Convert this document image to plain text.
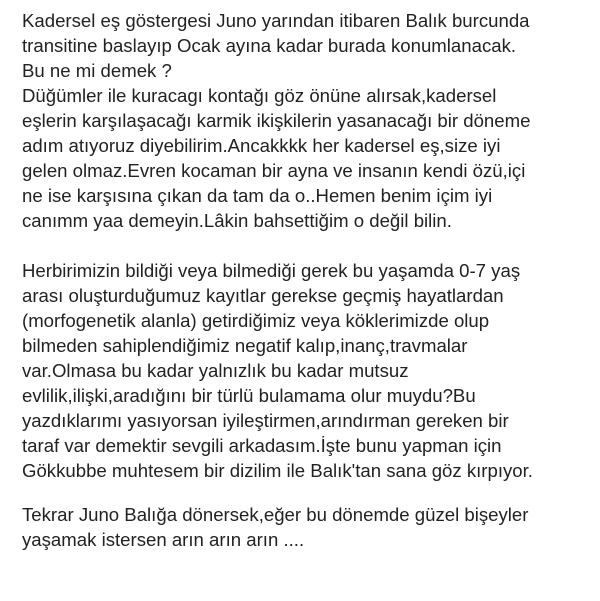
Kadersel eş göstergesi Juno yarından itibaren Balık burcunda
transitine baslayıp Ocak ayına kadar burada konumlanacak.
Bu ne mi demek ?
Düğümler ile kuracagı kontağı göz önüne alırsak,kadersel
eşlerin karşılaşacağı karmik ikişkilerin yasanacağı bir döneme
adım atıyoruz diyebilirim.Ancakkkk her kadersel eş,size iyi
gelen olmaz.Evren kocaman bir ayna ve insanın kendi özü,içi
ne ise karşısına çıkan da tam da o..Hemen benim içim iyi
canımm yaa demeyin.Lâkin bahsettiğim o değil bilin.
Herbirimizin bildiği veya bilmediği gerek bu yaşamda 0-7 yaş
arası oluşturduğumuz kayıtlar gerekse geçmiş hayatlardan
(morfogenetik alanla) getirdiğimiz veya köklerimizde olup
bilmeden sahiplendiğimiz negatif kalıp,inanç,travmalar
var.Olmasa bu kadar yalnızlık bu kadar mutsuz
evlilik,ilişki,aradığını bir türlü bulamama olur muydu?Bu
yazdıklarımı yasıyorsan iyileştirmen,arındırman gereken bir
taraf var demektir sevgili arkadasım.İşte bunu yapman için
Gökkubbe muhtesem bir dizilim ile Balık'tan sana göz kırpıyor.
Tekrar Juno Balığa dönersek,eğer bu dönemde güzel bişeyler
yaşamak istersen arın arın arın ....
